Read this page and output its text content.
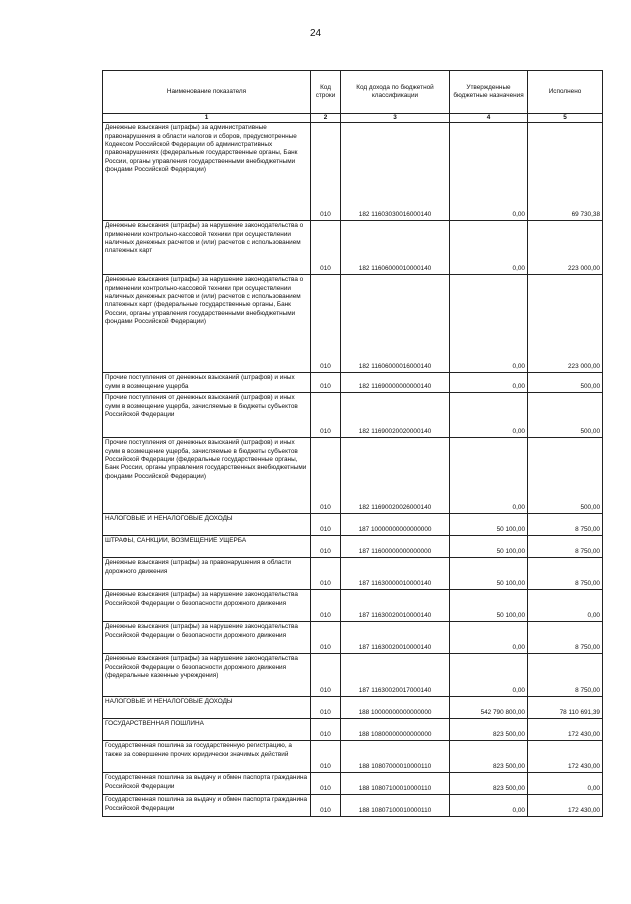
24
Наименование показателя	Код строки	Код дохода по бюджетной классификации	Утвержденные бюджетные назначения	Исполнено
1	2	3	4	5
Денежные взыскания (штрафы) за административные правонарушения в области налогов и сборов, предусмотренные Кодексом Российской Федерации об административных правонарушениях (федеральные государственные органы, Банк России, органы управления государственными внебюджетными фондами Российской Федерации)	010	182 11603030016000140	0,00	69 730,38
Денежные взыскания (штрафы) за нарушение законодательства о применении контрольно-кассовой техники при осуществлении наличных денежных расчетов и (или) расчетов с использованием платежных карт	010	182 11606000010000140	0,00	223 000,00
Денежные взыскания (штрафы) за нарушение законодательства о применении контрольно-кассовой техники при осуществлении наличных денежных расчетов и (или) расчетов с использованием платежных карт (федеральные государственные органы, Банк России, органы управления государственными внебюджетными фондами Российской Федерации)	010	182 11606000016000140	0,00	223 000,00
Прочие поступления от денежных взысканий (штрафов) и иных сумм в возмещение ущерба	010	182 11690000000000140	0,00	500,00
Прочие поступления от денежных взысканий (штрафов) и иных сумм в возмещение ущерба, зачисляемые в бюджеты субъектов Российской Федерации	010	182 11690020020000140	0,00	500,00
Прочие поступления от денежных взысканий (штрафов) и иных сумм в возмещение ущерба, зачисляемые в бюджеты субъектов Российской Федерации (федеральные государственные органы, Банк России, органы управления государственных внебюджетными фондами Российской Федерации)	010	182 11690020026000140	0,00	500,00
НАЛОГОВЫЕ И НЕНАЛОГОВЫЕ ДОХОДЫ	010	187 10000000000000000	50 100,00	8 750,00
ШТРАФЫ, САНКЦИИ, ВОЗМЕЩЕНИЕ УЩЕРБА	010	187 11600000000000000	50 100,00	8 750,00
Денежные взыскания (штрафы) за правонарушения в области дорожного движения	010	187 11630000010000140	50 100,00	8 750,00
Денежные взыскания (штрафы) за нарушение законодательства Российской Федерации о безопасности дорожного движения	010	187 11630020010000140	50 100,00	0,00
Денежные взыскания (штрафы) за нарушение законодательства Российской Федерации о безопасности дорожного движения	010	187 11630020010000140	0,00	8 750,00
Денежные взыскания (штрафы) за нарушение законодательства Российской Федерации о безопасности дорожного движения (федеральные казенные учреждения)	010	187 11630020017000140	0,00	8 750,00
НАЛОГОВЫЕ И НЕНАЛОГОВЫЕ ДОХОДЫ	010	188 10000000000000000	542 790 800,00	78 110 691,39
ГОСУДАРСТВЕННАЯ ПОШЛИНА	010	188 10800000000000000	823 500,00	172 430,00
Государственная пошлина за государственную регистрацию, а также за совершение прочих юридически значимых действий	010	188 10807000010000110	823 500,00	172 430,00
Государственная пошлина за выдачу и обмен паспорта гражданина Российской Федерации	010	188 10807100010000110	823 500,00	0,00
Государственная пошлина за выдачу и обмен паспорта гражданина Российской Федерации	010	188 10807100010000110	0,00	172 430,00
